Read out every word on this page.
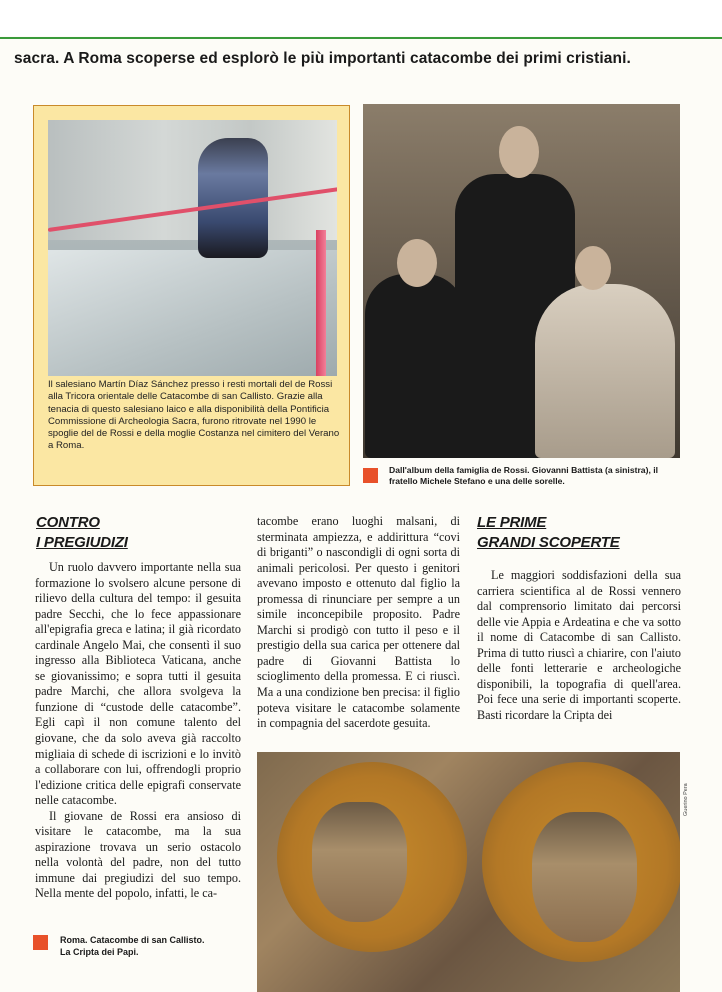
sacra. A Roma scoperse ed esplorò le più importanti catacombe dei primi cristiani.
Il salesiano Martín Díaz Sánchez presso i resti mortali del de Rossi alla Tricora orientale delle Catacombe di san Callisto. Grazie alla tenacia di questo salesiano laico e alla disponibilità della Pontificia Commissione di Archeologia Sacra, furono ritrovate nel 1990 le spoglie del de Rossi e della moglie Costanza nel cimitero del Verano a Roma.
Dall'album della famiglia de Rossi. Giovanni Battista (a sinistra), il fratello Michele Stefano e una delle sorelle.
CONTRO
I PREGIUDIZI

Un ruolo davvero importante nella sua formazione lo svolsero alcune persone di rilievo della cultura del tempo: il gesuita padre Secchi, che lo fece appassionare all'epigrafia greca e latina; il già ricordato cardinale Angelo Mai, che consentì il suo ingresso alla Biblioteca Vaticana, anche se giovanissimo; e sopra tutti il gesuita padre Marchi, che allora svolgeva la funzione di “custode delle catacombe”. Egli capì il non comune talento del giovane, che da solo aveva già raccolto migliaia di schede di iscrizioni e lo invitò a collaborare con lui, offrendogli proprio l'edizione critica delle epigrafi conservate nelle catacombe.

Il giovane de Rossi era ansioso di visitare le catacombe, ma la sua aspirazione trovava un serio ostacolo nella volontà del padre, non del tutto immune dai pregiudizi del suo tempo. Nella mente del popolo, infatti, le ca-

tacombe erano luoghi malsani, di sterminata ampiezza, e addirittura “covi di briganti” o nascondigli di ogni sorta di animali pericolosi. Per questo i genitori avevano imposto e ottenuto dal figlio la promessa di rinunciare per sempre a un simile inconcepibile proposito. Padre Marchi si prodigò con tutto il peso e il prestigio della sua carica per ottenere dal padre di Giovanni Battista lo scioglimento della promessa. E ci riuscì. Ma a una condizione ben precisa: il figlio poteva visitare le catacombe solamente in compagnia del sacerdote gesuita.

LE PRIME
GRANDI SCOPERTE

Le maggiori soddisfazioni della sua carriera scientifica al de Rossi vennero dal comprensorio limitato dai percorsi delle vie Appia e Ardeatina e che va sotto il nome di Catacombe di san Callisto. Prima di tutto riuscì a chiarire, con l'aiuto delle fonti letterarie e archeologiche disponibili, la topografia di quell'area. Poi fece una serie di importanti scoperte. Basti ricordare la Cripta dei

Guerino Pera
Roma. Catacombe di san Callisto.
La Cripta dei Papi.
